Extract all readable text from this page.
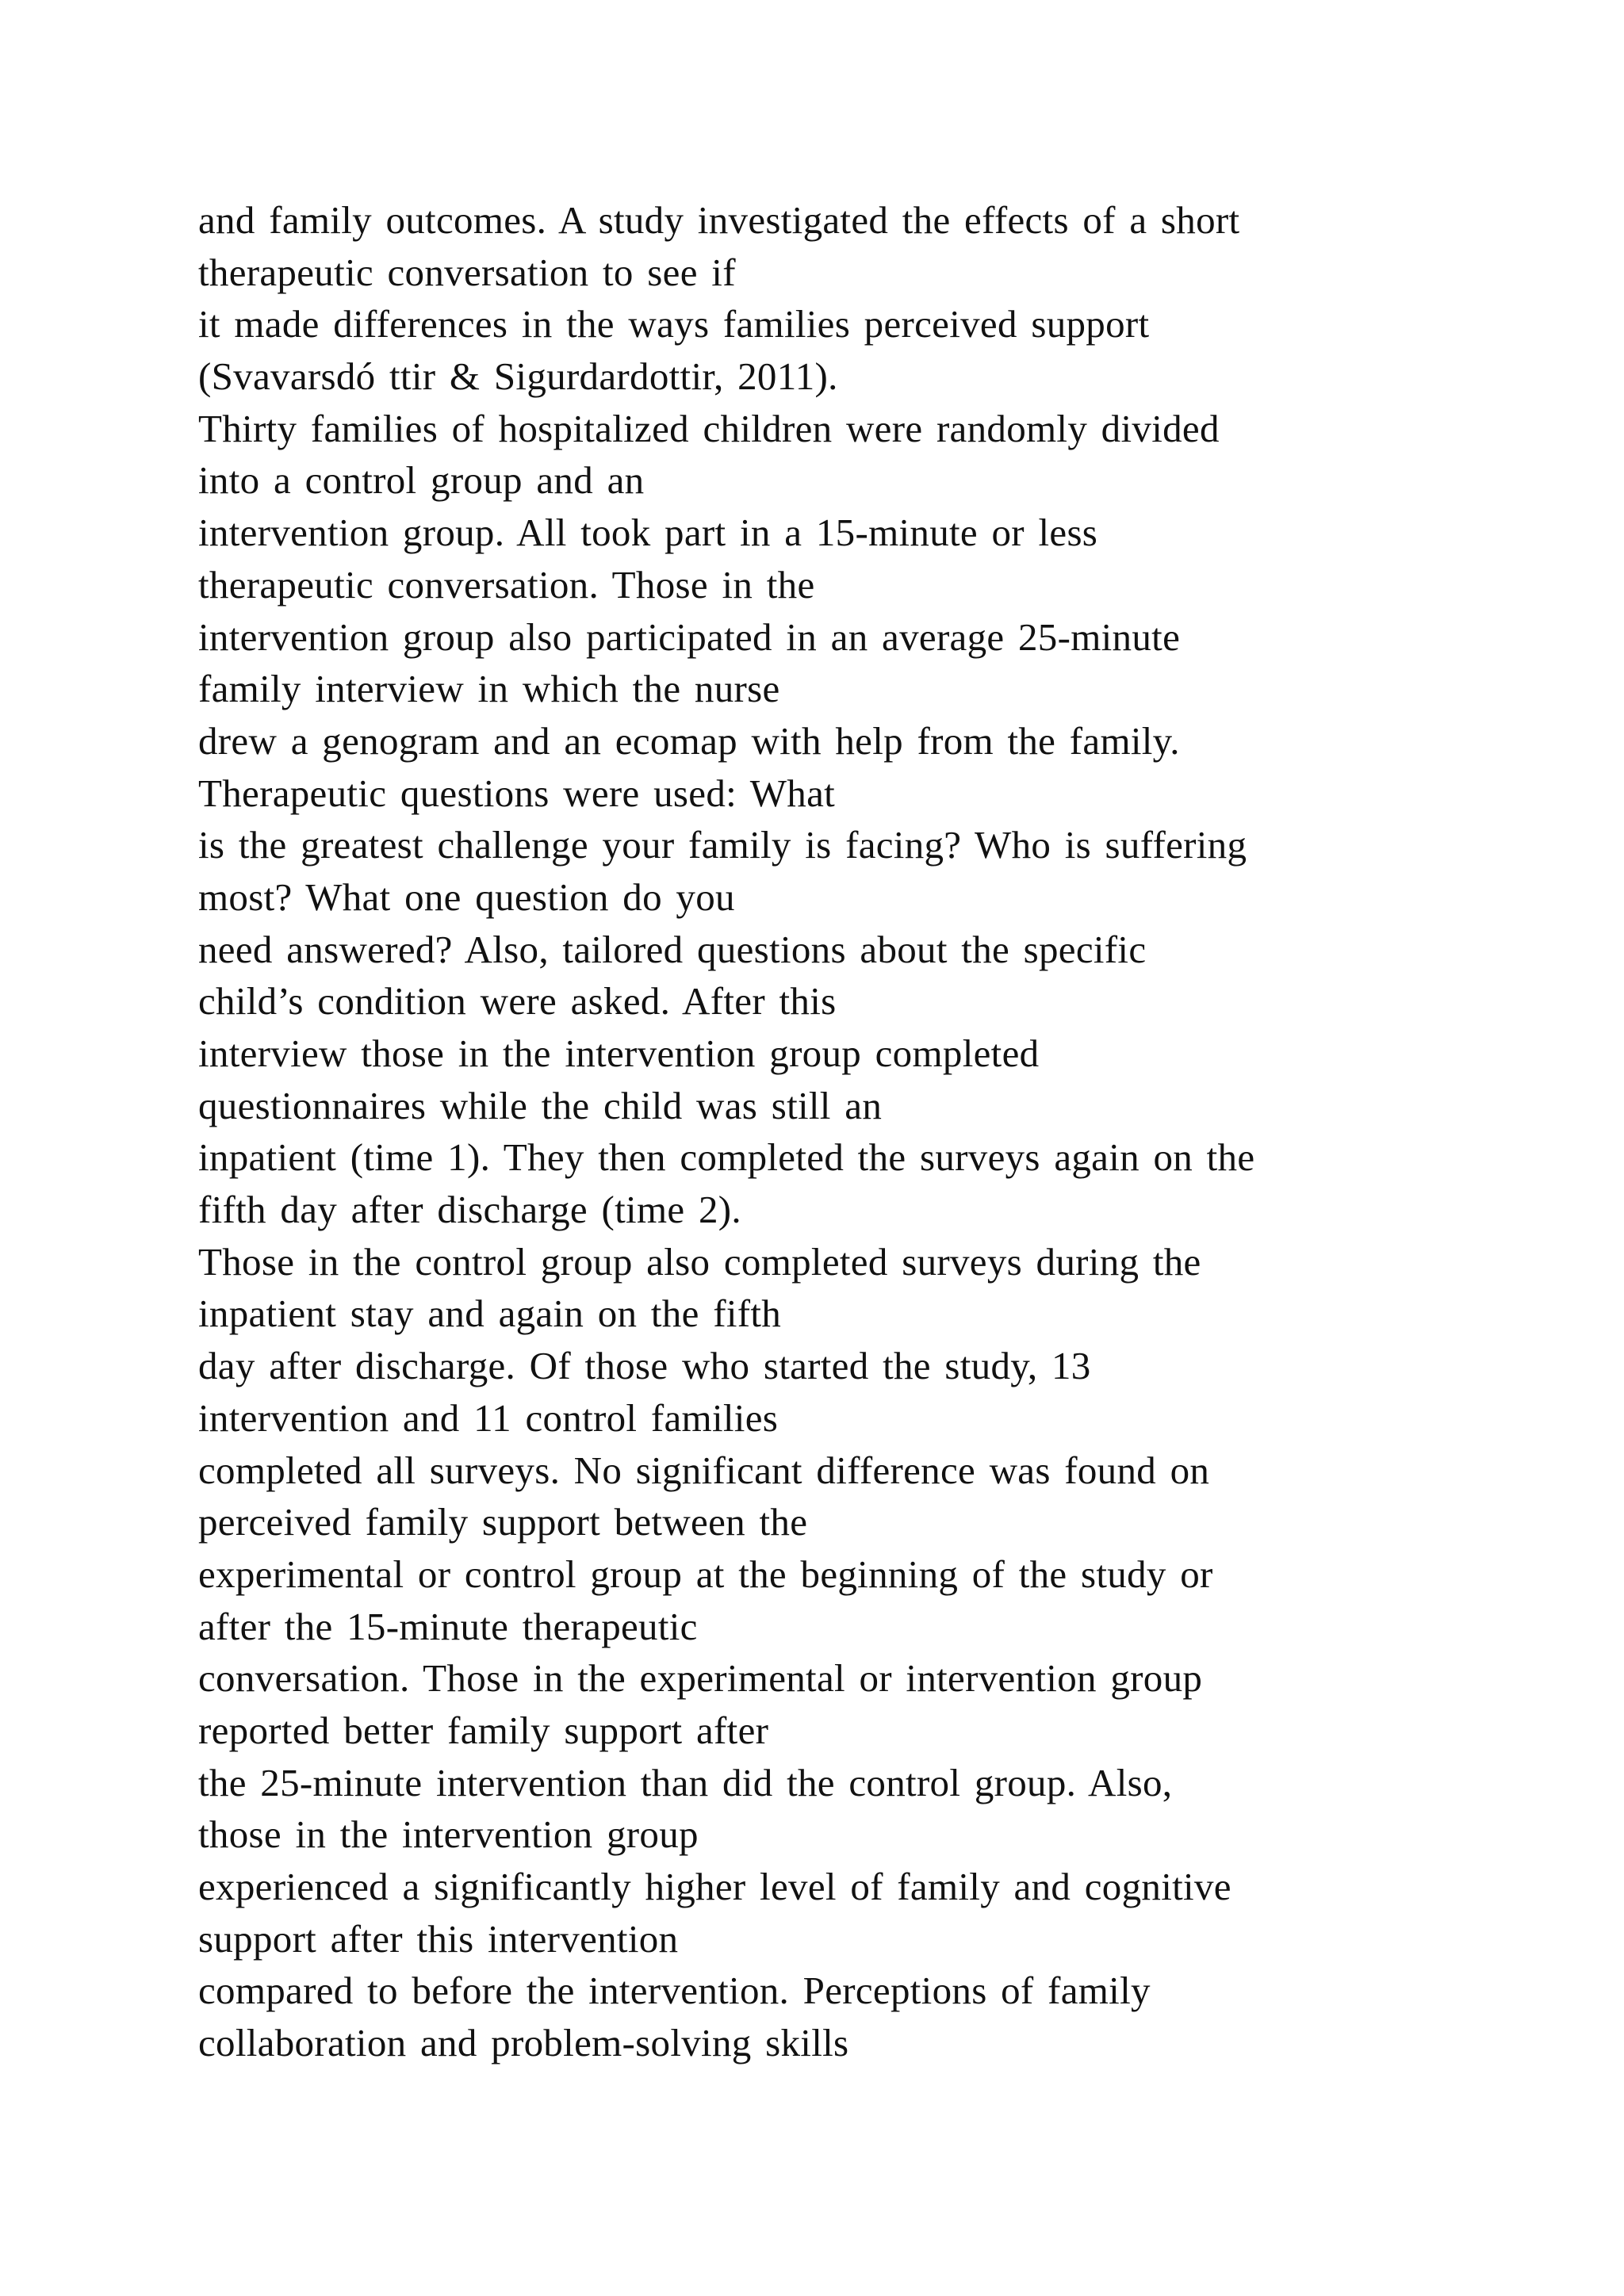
and family outcomes. A study investigated the effects of a short
therapeutic conversation to see if
it made differences in the ways families perceived support
(Svavarsdó ttir & Sigurdardottir, 2011).
Thirty families of hospitalized children were randomly divided
into a control group and an
intervention group. All took part in a 15-minute or less
therapeutic conversation. Those in the
intervention group also participated in an average 25-minute
family interview in which the nurse
drew a genogram and an ecomap with help from the family.
Therapeutic questions were used: What
is the greatest challenge your family is facing? Who is suffering
most? What one question do you
need answered? Also, tailored questions about the specific
child’s condition were asked. After this
interview those in the intervention group completed
questionnaires while the child was still an
inpatient (time 1). They then completed the surveys again on the
fifth day after discharge (time 2).
Those in the control group also completed surveys during the
inpatient stay and again on the fifth
day after discharge. Of those who started the study, 13
intervention and 11 control families
completed all surveys. No significant difference was found on
perceived family support between the
experimental or control group at the beginning of the study or
after the 15-minute therapeutic
conversation. Those in the experimental or intervention group
reported better family support after
the 25-minute intervention than did the control group. Also,
those in the intervention group
experienced a significantly higher level of family and cognitive
support after this intervention
compared to before the intervention. Perceptions of family
collaboration and problem-solving skills
